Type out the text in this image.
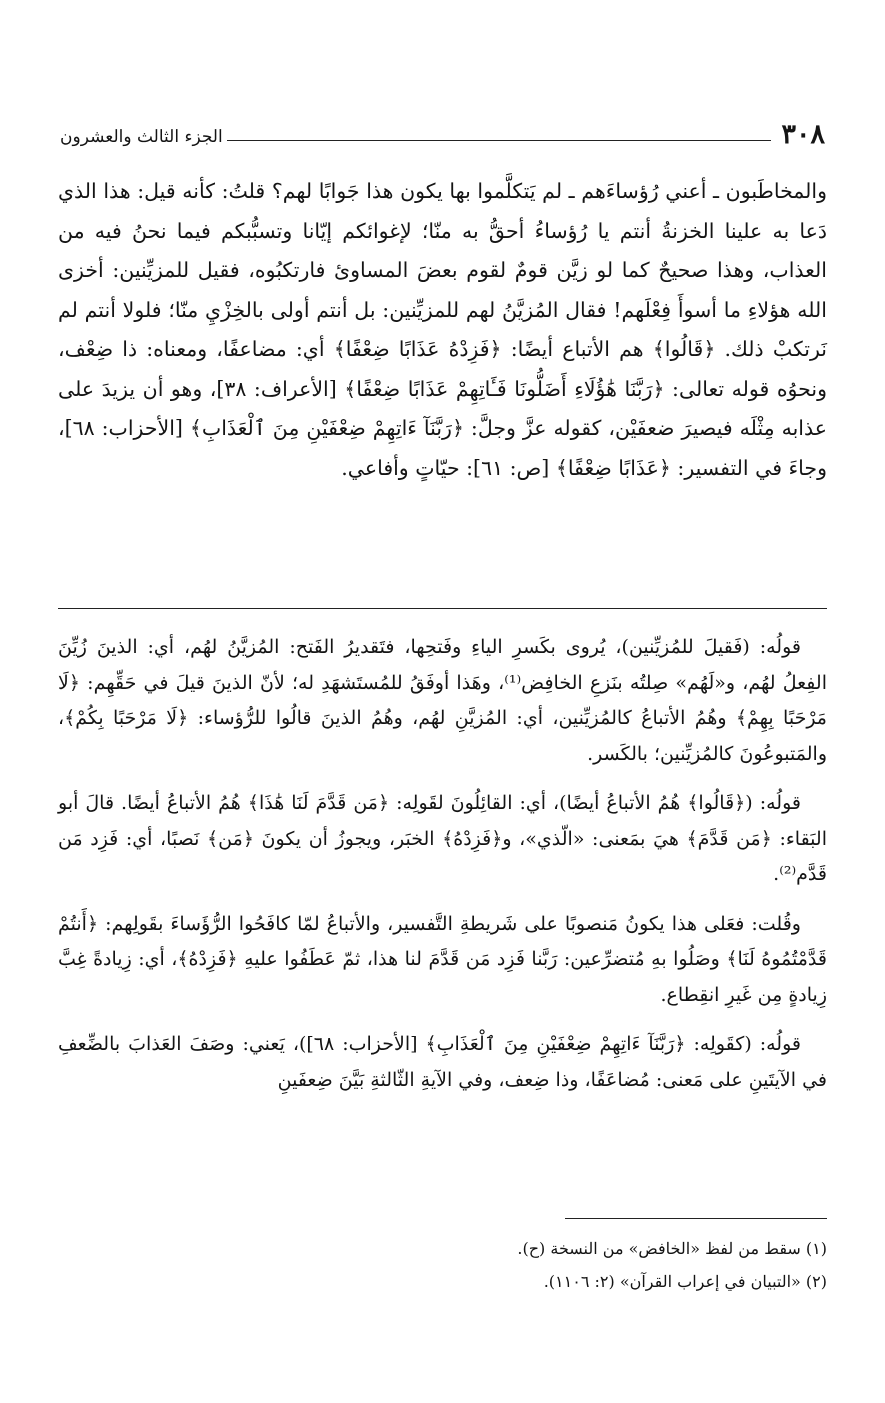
٣٠٨
الجزء الثالث والعشرون

والمخاطَبون ـ أعني رُؤساءَهم ـ لم يَتكلَّموا بها يكون هذا جَوابًا لهم؟ قلتُ: كأنه قيل: هذا الذي دَعا به علينا الخزنةُ أنتم يا رُؤساءُ أحقُّ به منّا؛ لإغوائكم إيّانا وتسبُّبكم فيما نحنُ فيه من العذاب، وهذا صحيحٌ كما لو زيَّن قومٌ لقوم بعضَ المساوئ فارتكبُوه، فقيل للمزيِّنين: أخزى الله هؤلاءِ ما أسوأَ فِعْلَهم! فقال المُزيَّنُ لهم للمزيِّنين: بل أنتم أولى بالخِزْيِ منّا؛ فلولا أنتم لم نَرتكبْ ذلك. ﴿قَالُوا﴾ هم الأتباع أيضًا: ﴿فَزِدْهُ عَذَابًا ضِعْفًا﴾ أي: مضاعفًا، ومعناه: ذا ضِعْف، ونحوُه قوله تعالى: ﴿رَبَّنَا هَٰؤُلَاءِ أَضَلُّونَا فَـَٔاتِهِمْ عَذَابًا ضِعْفًا﴾ [الأعراف: ٣٨]، وهو أن يزيدَ على عذابه مِثْلَه فيصيرَ ضعفَيْن، كقوله عزَّ وجلَّ: ﴿رَبَّنَآ ءَاتِهِمْ ضِعْفَيْنِ مِنَ ٱلْعَذَابِ﴾ [الأحزاب: ٦٨]، وجاءَ في التفسير: ﴿عَذَابًا ضِعْفًا﴾ [ص: ٦١]: حيّاتٍ وأفاعي.

قولُه: (فَقيلَ للمُزيِّنين)، يُروى بكَسرِ الياءِ وفَتحِها، فتَقديرُ الفَتح: المُزيَّنُ لهُم، أي: الذينَ زُيِّنَ الفِعلُ لهُم، و«لَهُم» صِلتُه بنَزعِ الخافِض⁽¹⁾، وهَذا أوفَقُ للمُستَشهَدِ له؛ لأنّ الذينَ قيلَ في حَقِّهِم: ﴿لَا مَرْحَبًا بِهِمْ﴾ وهُمُ الأتباعُ كالمُزيِّنين، أي: المُزيَّنِ لهُم، وهُمُ الذينَ قالُوا للرُّؤساء: ﴿لَا مَرْحَبًا بِكُمْ﴾، والمَتبوعُونَ كالمُزيِّنين؛ بالكَسر.

قولُه: (﴿قَالُوا﴾ هُمُ الأتباعُ أيضًا)، أي: القائِلُونَ لقَولِه: ﴿مَن قَدَّمَ لَنَا هَٰذَا﴾ هُمُ الأتباعُ أيضًا. قالَ أبو البَقاء: ﴿مَن قَدَّمَ﴾ هيَ بمَعنى: «الّذي»، و﴿فَزِدْهُ﴾ الخبَر، ويجوزُ أن يكونَ ﴿مَن﴾ نَصبًا، أي: فَزِد مَن قَدَّم⁽²⁾.

وقُلت: فعَلى هذا يكونُ مَنصوبًا على شَريطةِ التَّفسير، والأتباعُ لمّا كافَحُوا الرُّؤَساءَ بقَولِهم: ﴿أَنتُمْ قَدَّمْتُمُوهُ لَنَا﴾ وصَلُوا بهِ مُتضرِّعين: رَبَّنا فَزِد مَن قَدَّمَ لنا هذا، ثمّ عَطَفُوا عليهِ ﴿فَزِدْهُ﴾، أي: زِيادةً غِبَّ زِيادةٍ مِن غَيرِ انقِطاع.

قولُه: (كقَولِه: ﴿رَبَّنَآ ءَاتِهِمْ ضِعْفَيْنِ مِنَ ٱلْعَذَابِ﴾ [الأحزاب: ٦٨])، يَعني: وصَفَ العَذابَ بالضِّعفِ في الآيتَينِ على مَعنى: مُضاعَفًا، وذا ضِعف، وفي الآيةِ الثّالثةِ بَيَّنَ ضِعفَينِ

(١) سقط من لفظ «الخافض» من النسخة (ح).
(٢) «التبيان في إعراب القرآن» (٢: ١١٠٦).
